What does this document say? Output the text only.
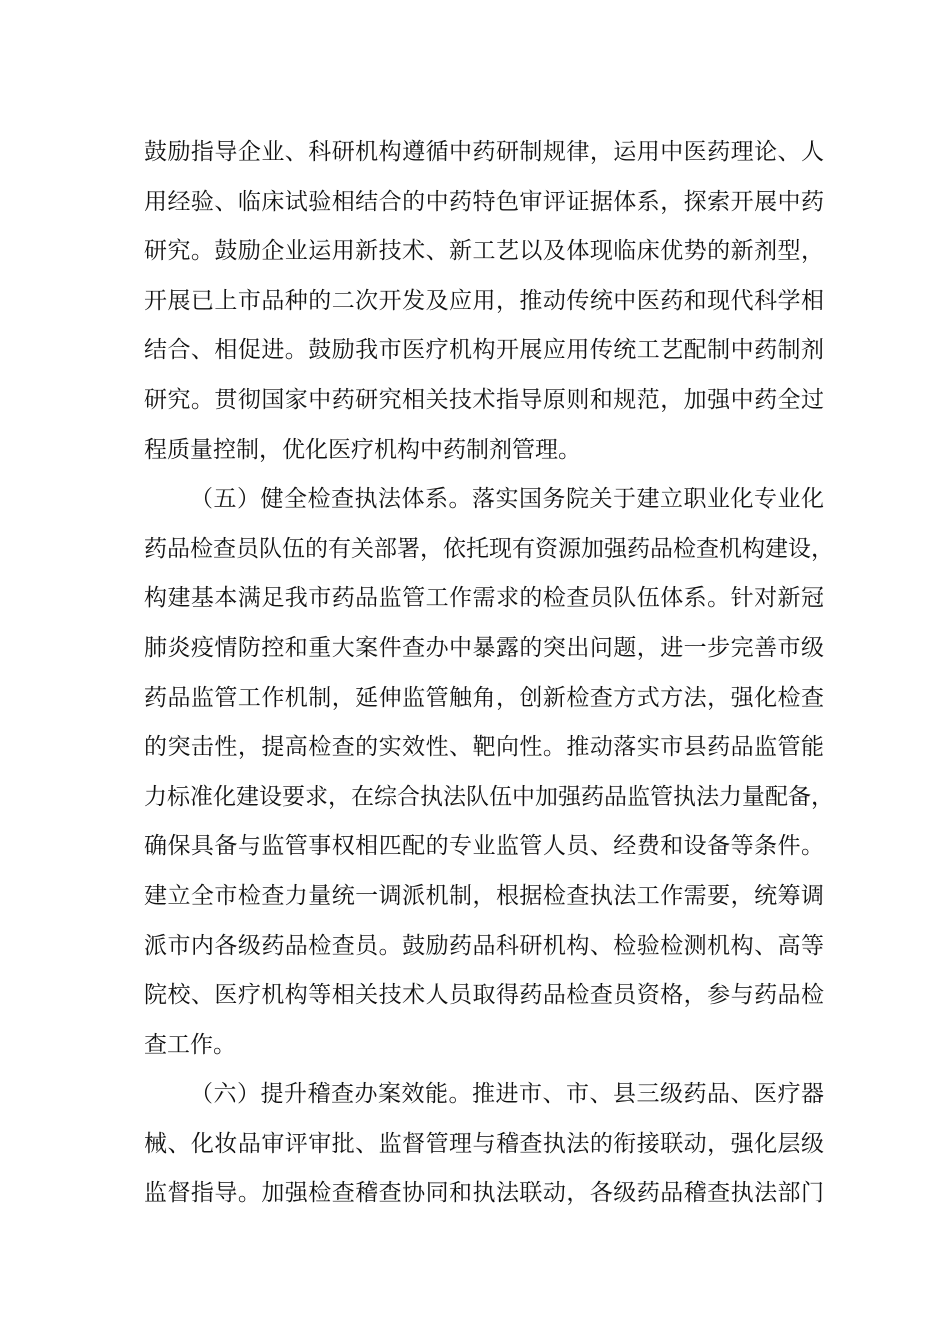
鼓励指导企业、科研机构遵循中药研制规律，运用中医药理论、人
用经验、临床试验相结合的中药特色审评证据体系，探索开展中药
研究。鼓励企业运用新技术、新工艺以及体现临床优势的新剂型，
开展已上市品种的二次开发及应用，推动传统中医药和现代科学相
结合、相促进。鼓励我市医疗机构开展应用传统工艺配制中药制剂
研究。贯彻国家中药研究相关技术指导原则和规范，加强中药全过
程质量控制，优化医疗机构中药制剂管理。
（五）健全检查执法体系。落实国务院关于建立职业化专业化
药品检查员队伍的有关部署，依托现有资源加强药品检查机构建设，
构建基本满足我市药品监管工作需求的检查员队伍体系。针对新冠
肺炎疫情防控和重大案件查办中暴露的突出问题，进一步完善市级
药品监管工作机制，延伸监管触角，创新检查方式方法，强化检查
的突击性，提高检查的实效性、靶向性。推动落实市县药品监管能
力标准化建设要求，在综合执法队伍中加强药品监管执法力量配备，
确保具备与监管事权相匹配的专业监管人员、经费和设备等条件。
建立全市检查力量统一调派机制，根据检查执法工作需要，统筹调
派市内各级药品检查员。鼓励药品科研机构、检验检测机构、高等
院校、医疗机构等相关技术人员取得药品检查员资格，参与药品检
查工作。
（六）提升稽查办案效能。推进市、市、县三级药品、医疗器
械、化妆品审评审批、监督管理与稽查执法的衔接联动，强化层级
监督指导。加强检查稽查协同和执法联动，各级药品稽查执法部门
